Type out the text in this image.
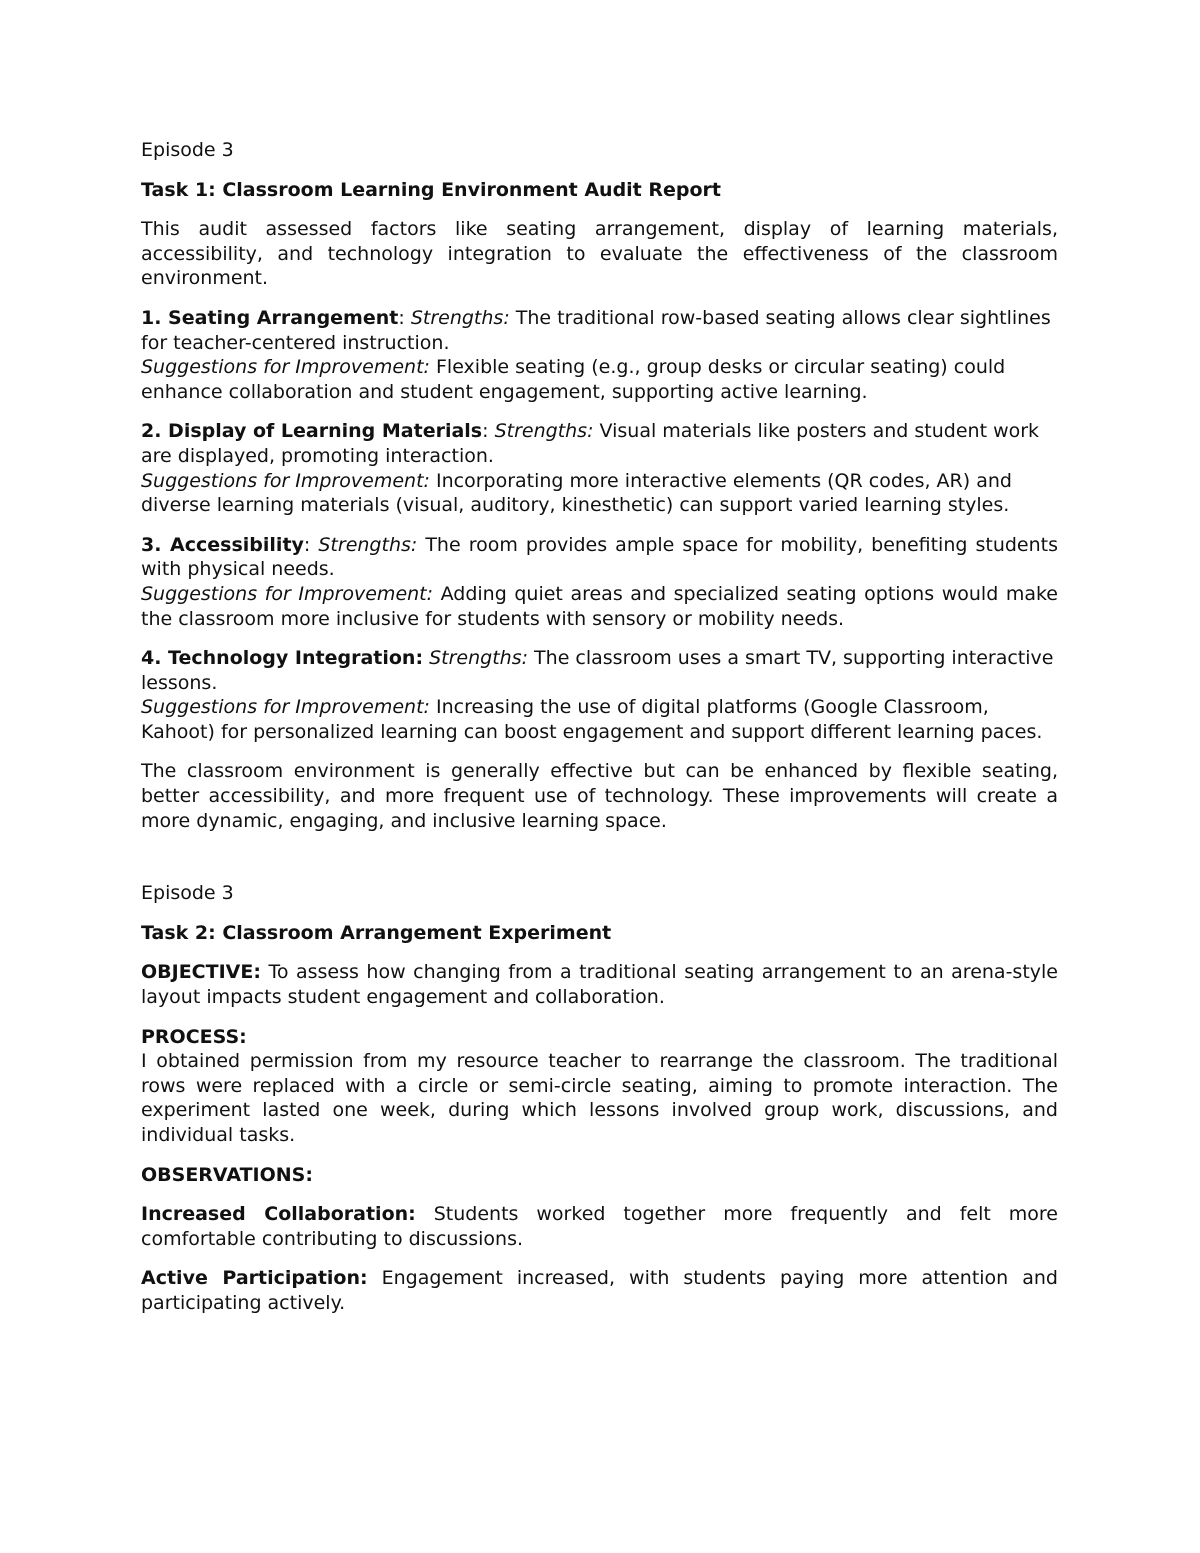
Episode 3

Task 1: Classroom Learning Environment Audit Report

This audit assessed factors like seating arrangement, display of learning materials, accessibility, and technology integration to evaluate the effectiveness of the classroom environment.

1. Seating Arrangement: Strengths: The traditional row-based seating allows clear sightlines for teacher-centered instruction.

Suggestions for Improvement: Flexible seating (e.g., group desks or circular seating) could enhance collaboration and student engagement, supporting active learning.

2. Display of Learning Materials: Strengths: Visual materials like posters and student work are displayed, promoting interaction.

Suggestions for Improvement: Incorporating more interactive elements (QR codes, AR) and diverse learning materials (visual, auditory, kinesthetic) can support varied learning styles.

3. Accessibility: Strengths: The room provides ample space for mobility, benefiting students with physical needs.

Suggestions for Improvement: Adding quiet areas and specialized seating options would make the classroom more inclusive for students with sensory or mobility needs.

4. Technology Integration: Strengths: The classroom uses a smart TV, supporting interactive lessons.

Suggestions for Improvement: Increasing the use of digital platforms (Google Classroom, Kahoot) for personalized learning can boost engagement and support different learning paces.

The classroom environment is generally effective but can be enhanced by flexible seating, better accessibility, and more frequent use of technology. These improvements will create a more dynamic, engaging, and inclusive learning space.

Episode 3

Task 2: Classroom Arrangement Experiment

OBJECTIVE: To assess how changing from a traditional seating arrangement to an arena-style layout impacts student engagement and collaboration.

PROCESS:

I obtained permission from my resource teacher to rearrange the classroom. The traditional rows were replaced with a circle or semi-circle seating, aiming to promote interaction. The experiment lasted one week, during which lessons involved group work, discussions, and individual tasks.

OBSERVATIONS:

Increased Collaboration: Students worked together more frequently and felt more comfortable contributing to discussions.

Active Participation: Engagement increased, with students paying more attention and participating actively.
